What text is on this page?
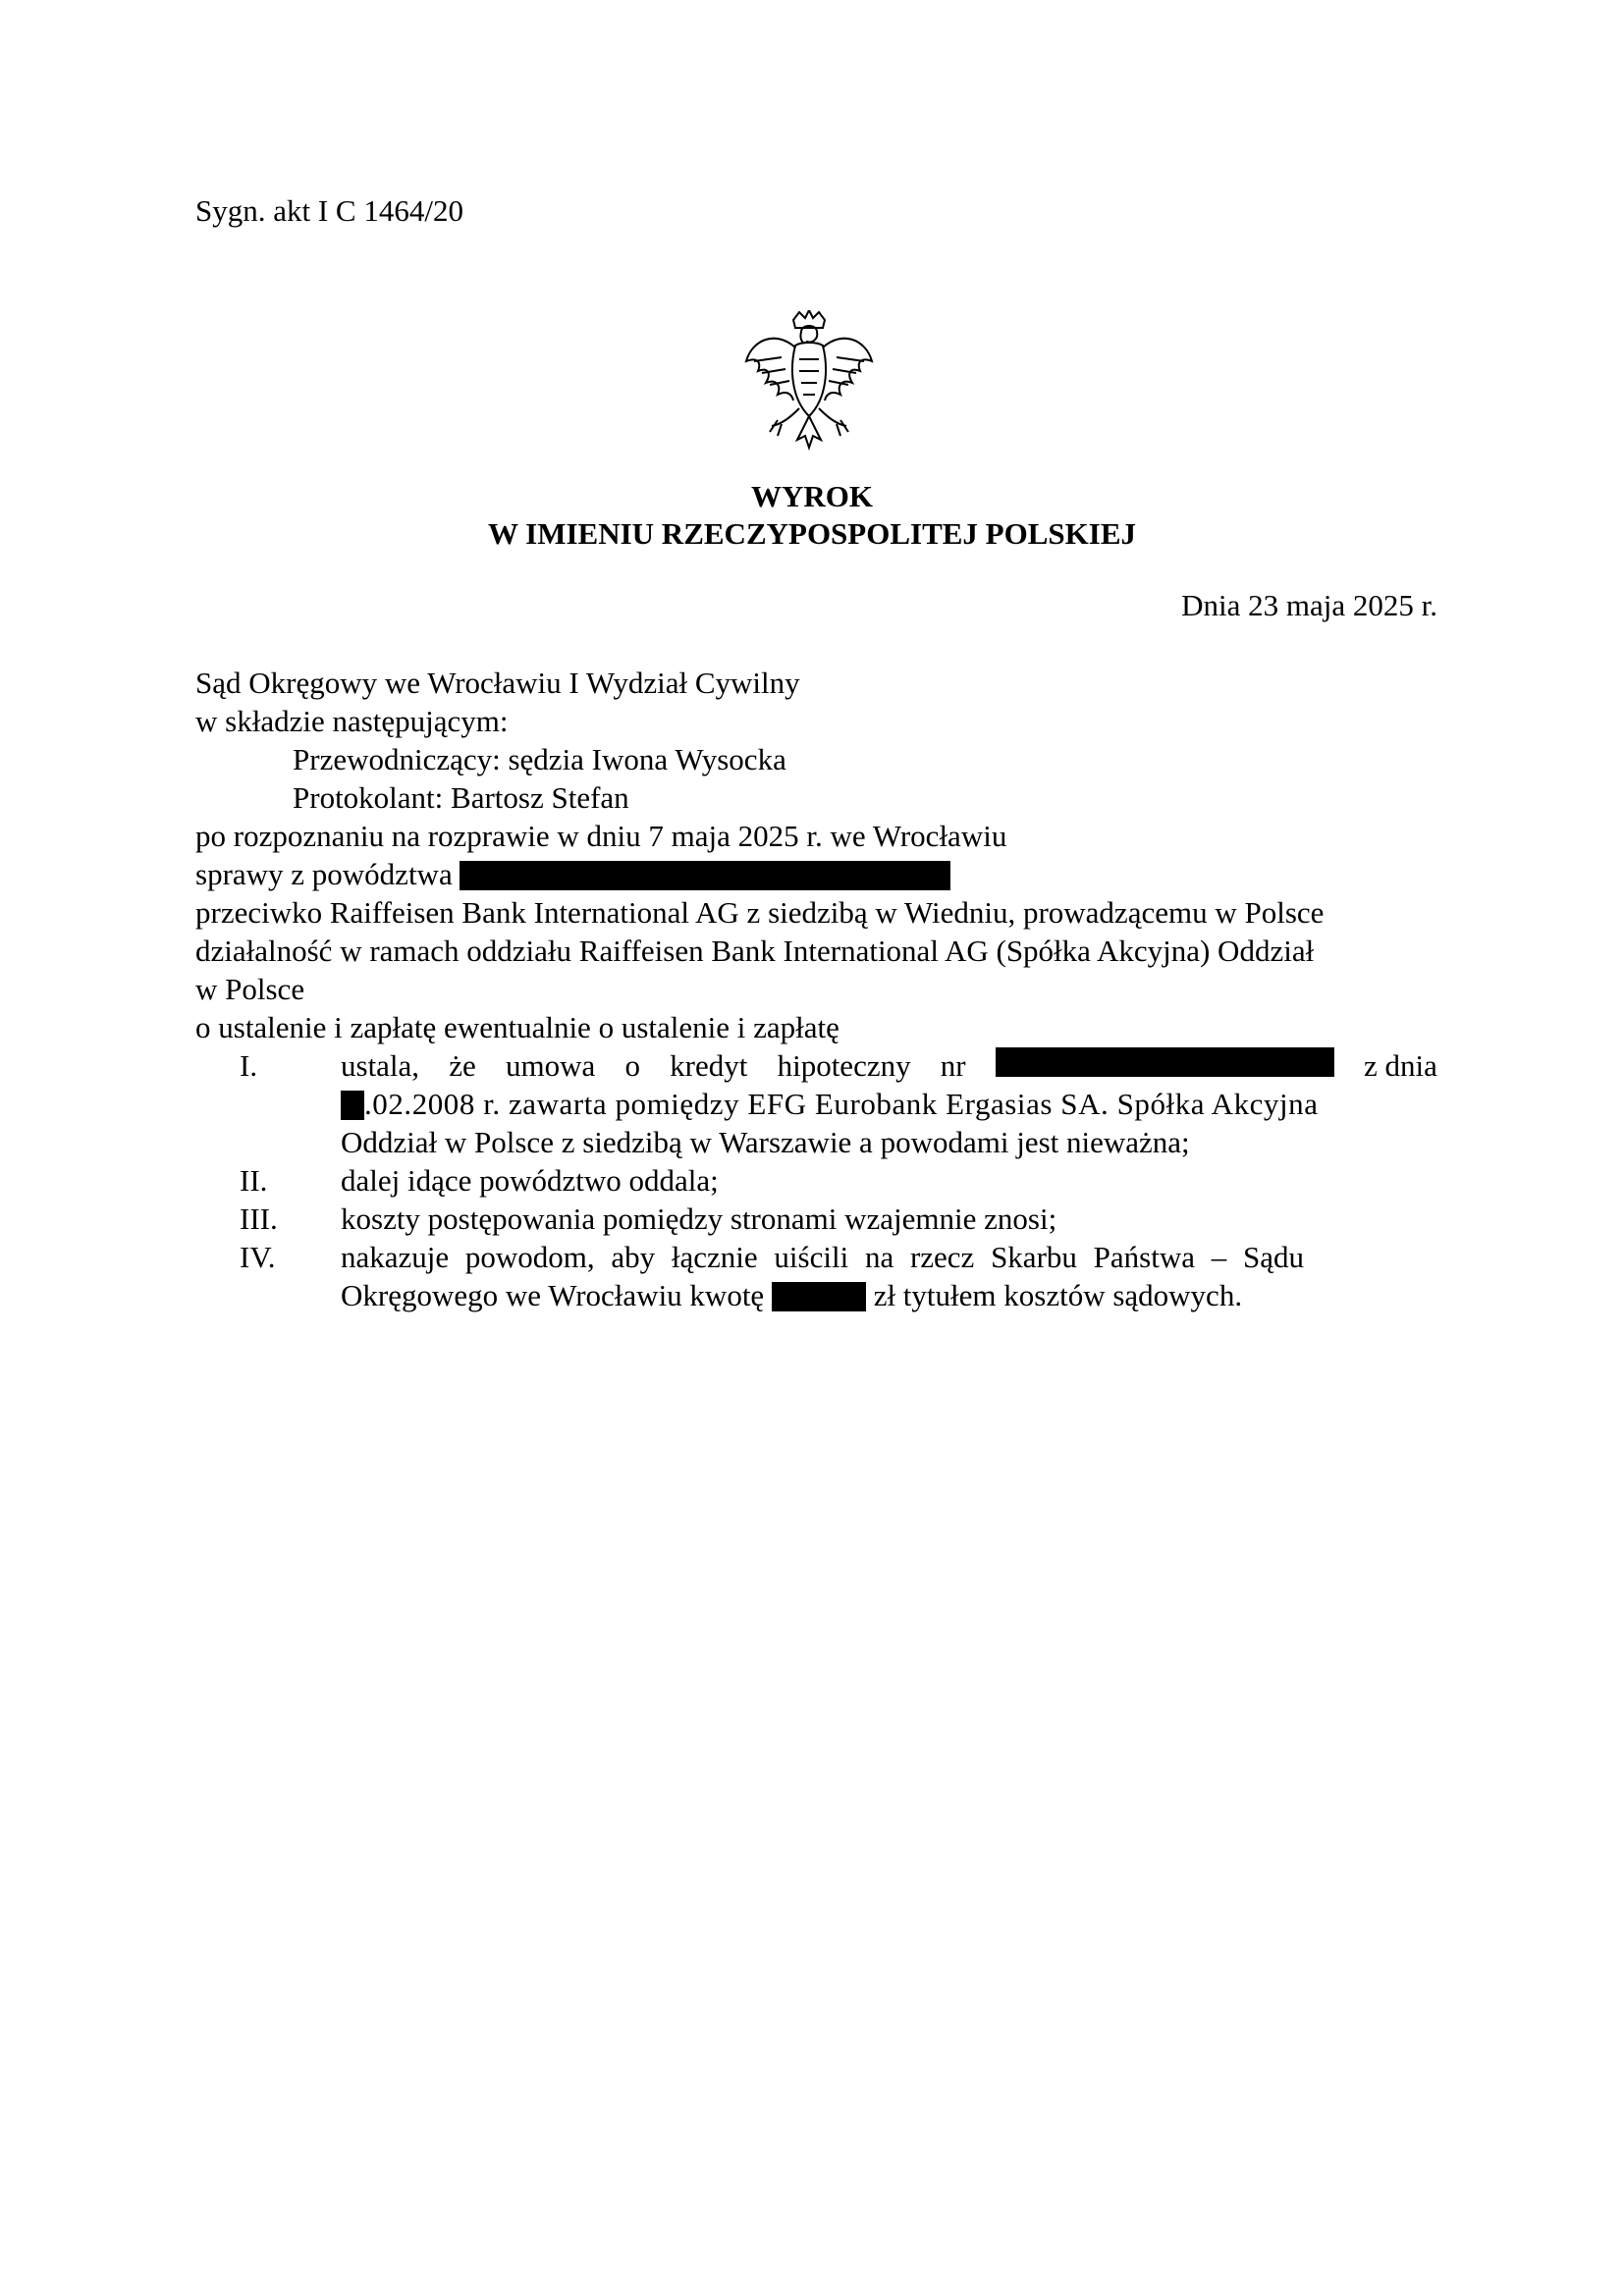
Sygn. akt I C 1464/20
WYROK
W IMIENIU RZECZYPOSPOLITEJ POLSKIEJ
Dnia 23 maja 2025 r.
Sąd Okręgowy we Wrocławiu I Wydział Cywilny
w składzie następującym:
Przewodniczący: sędzia Iwona Wysocka
Protokolant: Bartosz Stefan
po rozpoznaniu na rozprawie w dniu 7 maja 2025 r. we Wrocławiu
sprawy z powództwa
przeciwko Raiffeisen Bank International AG z siedzibą w Wiedniu, prowadzącemu w Polsce
działalność w ramach oddziału Raiffeisen Bank International AG (Spółka Akcyjna) Oddział
w Polsce
o ustalenie i zapłatę ewentualnie o ustalenie i zapłatę
I.	ustala, że umowa o kredyt hipoteczny nr	z dnia
.02.2008 r. zawarta pomiędzy EFG Eurobank Ergasias SA. Spółka Akcyjna
Oddział w Polsce z siedzibą w Warszawie a powodami jest nieważna;
II. dalej idące powództwo oddala;
III. koszty postępowania pomiędzy stronami wzajemnie znosi;
IV. nakazuje powodom, aby łącznie uiścili na rzecz Skarbu Państwa – Sądu
Okręgowego we Wrocławiu kwotę	zł tytułem kosztów sądowych.
